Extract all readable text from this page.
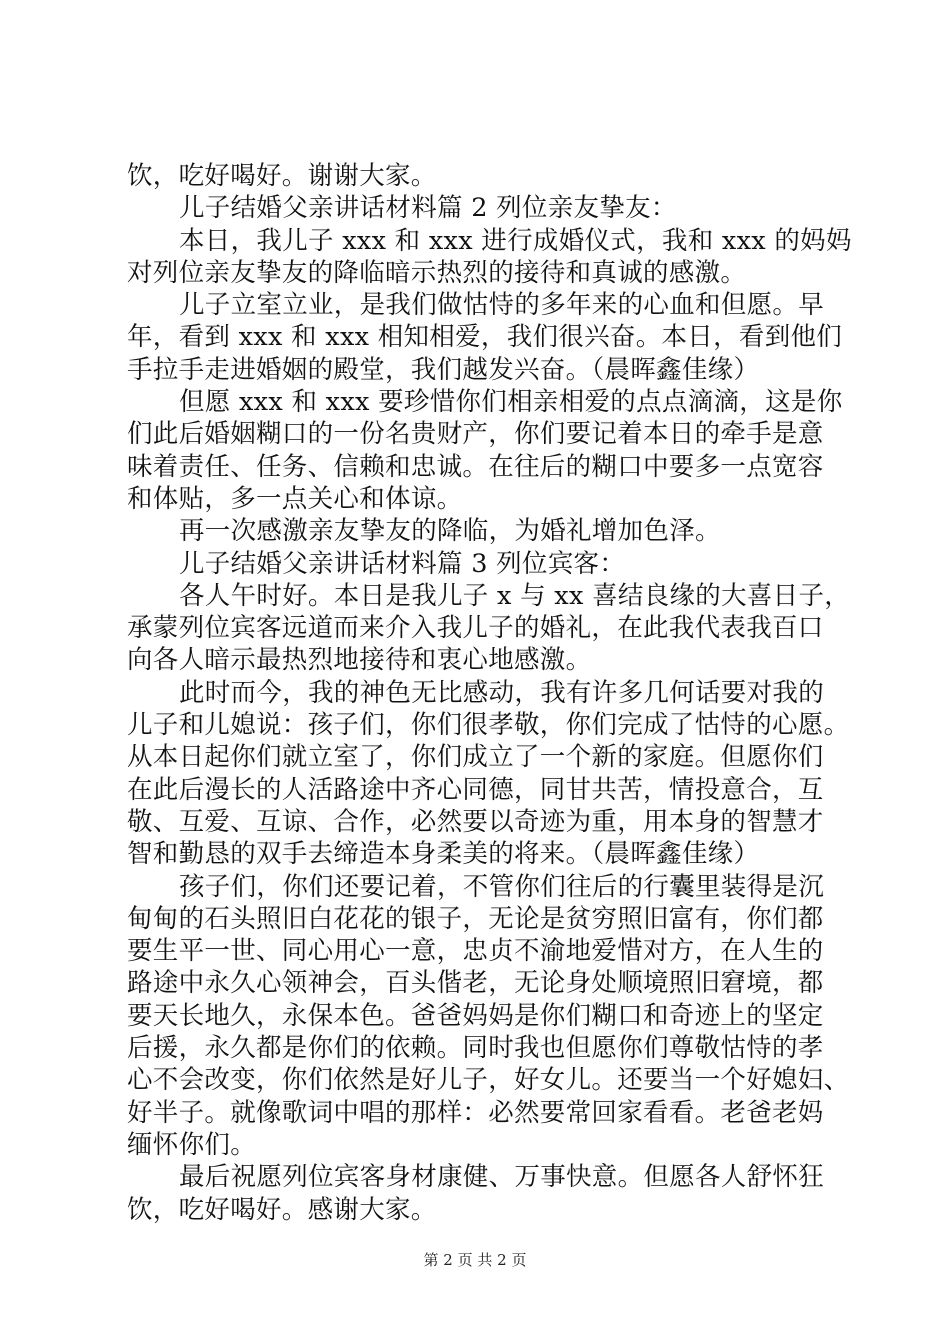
饮，吃好喝好。谢谢大家。
儿子结婚父亲讲话材料篇 2 列位亲友挚友：
本日，我儿子 xxx 和 xxx 进行成婚仪式，我和 xxx 的妈妈
对列位亲友挚友的降临暗示热烈的接待和真诚的感激。
儿子立室立业，是我们做怙恃的多年来的心血和但愿。早
年，看到 xxx 和 xxx 相知相爱，我们很兴奋。本日，看到他们
手拉手走进婚姻的殿堂，我们越发兴奋。（晨晖鑫佳缘）
但愿 xxx 和 xxx 要珍惜你们相亲相爱的点点滴滴，这是你
们此后婚姻糊口的一份名贵财产，你们要记着本日的牵手是意
味着责任、任务、信赖和忠诚。在往后的糊口中要多一点宽容
和体贴，多一点关心和体谅。
再一次感激亲友挚友的降临，为婚礼增加色泽。
儿子结婚父亲讲话材料篇 3 列位宾客：
各人午时好。本日是我儿子 x 与 xx 喜结良缘的大喜日子，
承蒙列位宾客远道而来介入我儿子的婚礼，在此我代表我百口
向各人暗示最热烈地接待和衷心地感激。
此时而今，我的神色无比感动，我有许多几何话要对我的
儿子和儿媳说：孩子们，你们很孝敬，你们完成了怙恃的心愿。
从本日起你们就立室了，你们成立了一个新的家庭。但愿你们
在此后漫长的人活路途中齐心同德，同甘共苦，情投意合，互
敬、互爱、互谅、合作，必然要以奇迹为重，用本身的智慧才
智和勤恳的双手去缔造本身柔美的将来。（晨晖鑫佳缘）
孩子们，你们还要记着，不管你们往后的行囊里装得是沉
甸甸的石头照旧白花花的银子，无论是贫穷照旧富有，你们都
要生平一世、同心用心一意，忠贞不渝地爱惜对方，在人生的
路途中永久心领神会，百头偕老，无论身处顺境照旧窘境，都
要天长地久，永保本色。爸爸妈妈是你们糊口和奇迹上的坚定
后援，永久都是你们的依赖。同时我也但愿你们尊敬怙恃的孝
心不会改变，你们依然是好儿子，好女儿。还要当一个好媳妇、
好半子。就像歌词中唱的那样：必然要常回家看看。老爸老妈
缅怀你们。
最后祝愿列位宾客身材康健、万事快意。但愿各人舒怀狂
饮，吃好喝好。感谢大家。
第 2 页 共 2 页
